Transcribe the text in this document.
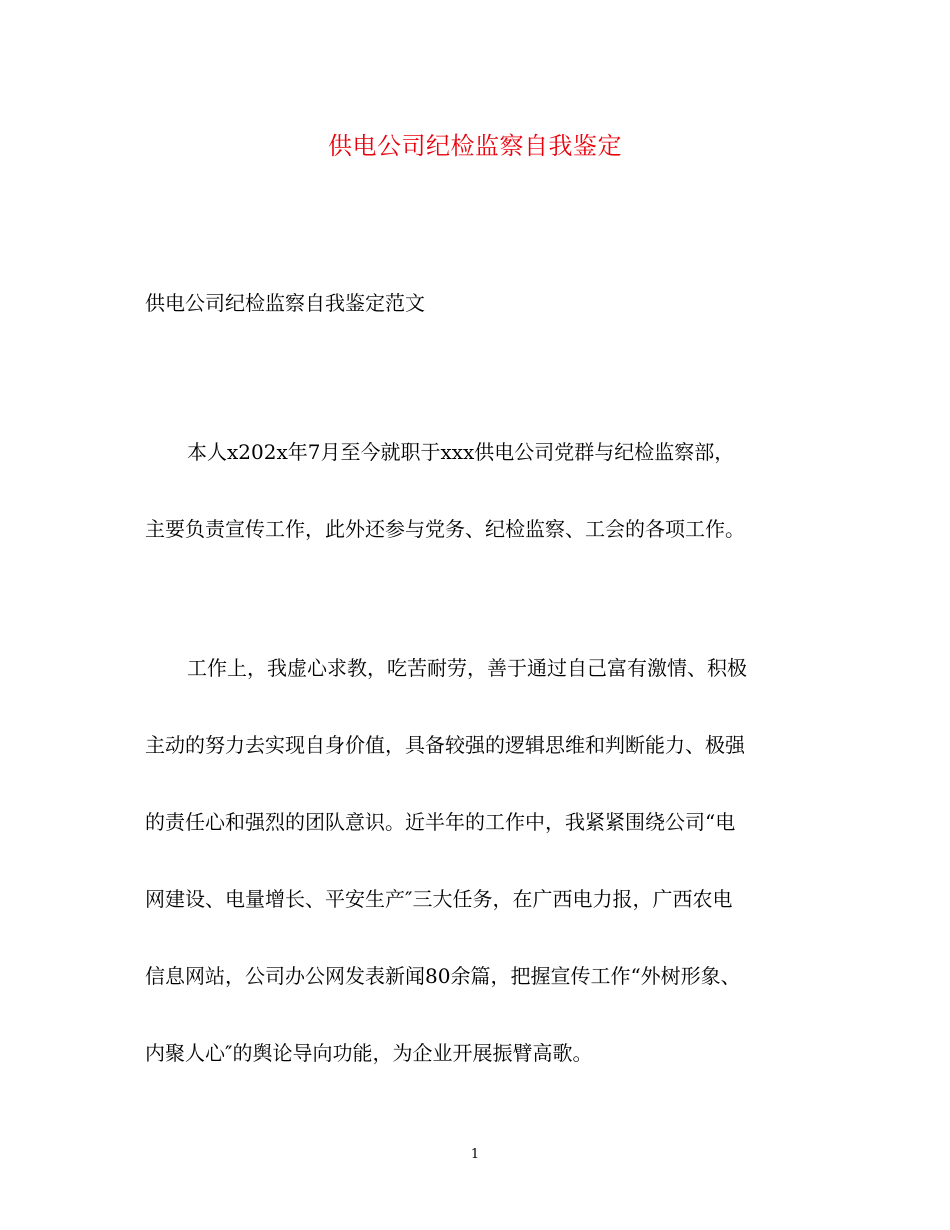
供电公司纪检监察自我鉴定
供电公司纪检监察自我鉴定范文

本人x202x年7月至今就职于xxx供电公司党群与纪检监察部，
主要负责宣传工作，此外还参与党务、纪检监察、工会的各项工作。

工作上，我虚心求教，吃苦耐劳，善于通过自己富有激情、积极
主动的努力去实现自身价值，具备较强的逻辑思维和判断能力、极强
的责任心和强烈的团队意识。近半年的工作中，我紧紧围绕公司“电
网建设、电量增长、平安生产″三大任务，在广西电力报，广西农电
信息网站，公司办公网发表新闻80余篇，把握宣传工作“外树形象、
内聚人心″的舆论导向功能，为企业开展振臂高歌。

1
